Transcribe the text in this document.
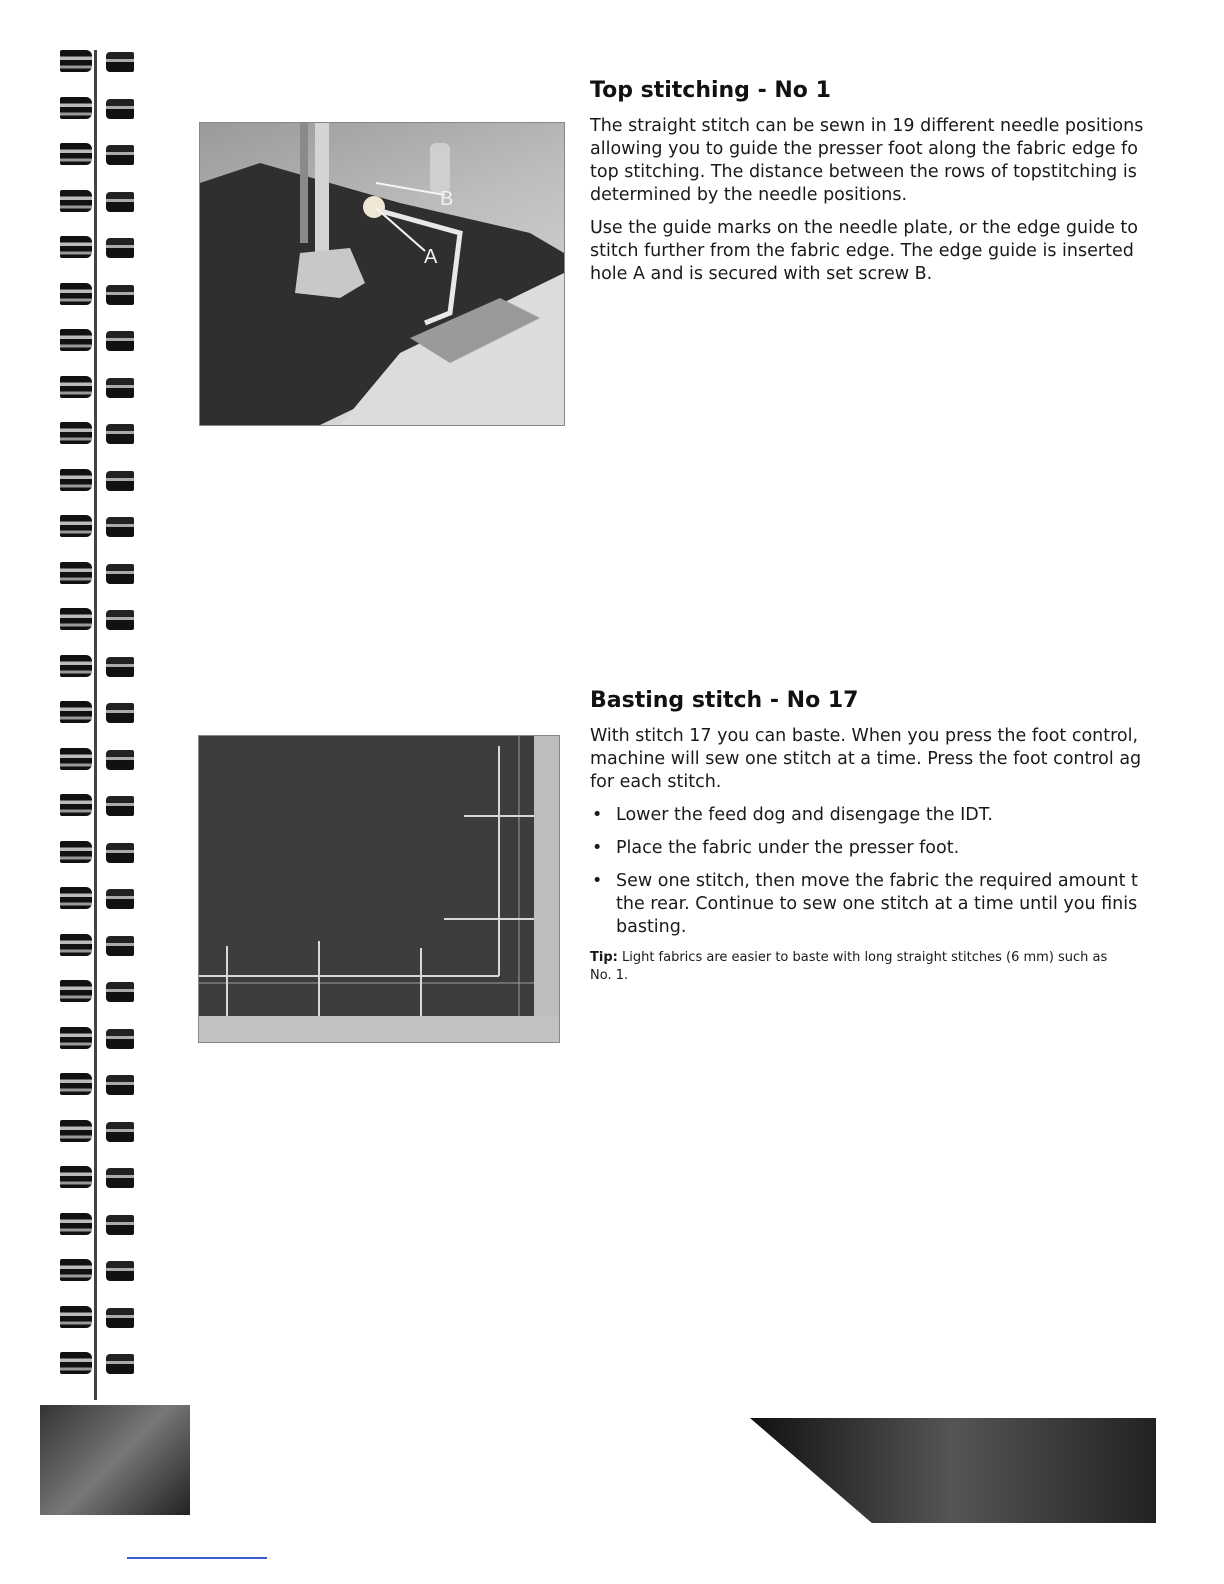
B
A
Top stitching - No 1

The straight stitch can be sewn in 19 different needle positions
allowing you to guide the presser foot along the fabric edge fo
top stitching. The distance between the rows of topstitching is
determined by the needle positions.

Use the guide marks on the needle plate, or the edge guide to
stitch further from the fabric edge. The edge guide is inserted
hole A and is secured with set screw B.

Basting stitch - No 17

With stitch 17 you can baste. When you press the foot control,
machine will sew one stitch at a time. Press the foot control ag
for each stitch.

• Lower the feed dog and disengage the IDT.
• Place the fabric under the presser foot.
• Sew one stitch, then move the fabric the required amount t
the rear. Continue to sew one stitch at a time until you finis
basting.

Tip: Light fabrics are easier to baste with long straight stitches (6 mm) such as
No. 1.
